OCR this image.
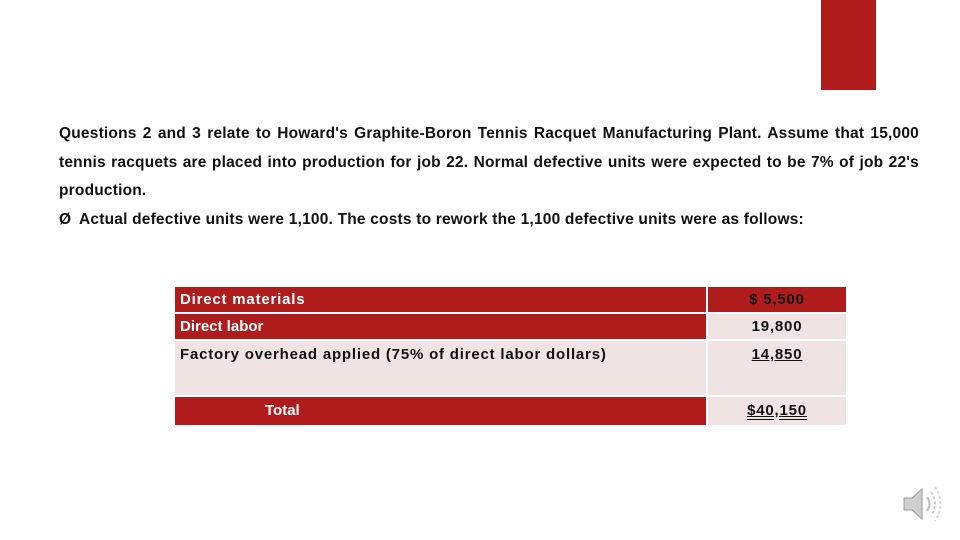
Questions 2 and 3 relate to Howard's Graphite-Boron Tennis Racquet Manufacturing Plant. Assume that 15,000 tennis racquets are placed into production for job 22. Normal defective units were expected to be 7% of job 22's production.
Ø Actual defective units were 1,100. The costs to rework the 1,100 defective units were as follows:
Direct materials	$ 5,500
Direct labor	19,800
Factory overhead applied (75% of direct labor dollars)	14,850
Total	$40,150
